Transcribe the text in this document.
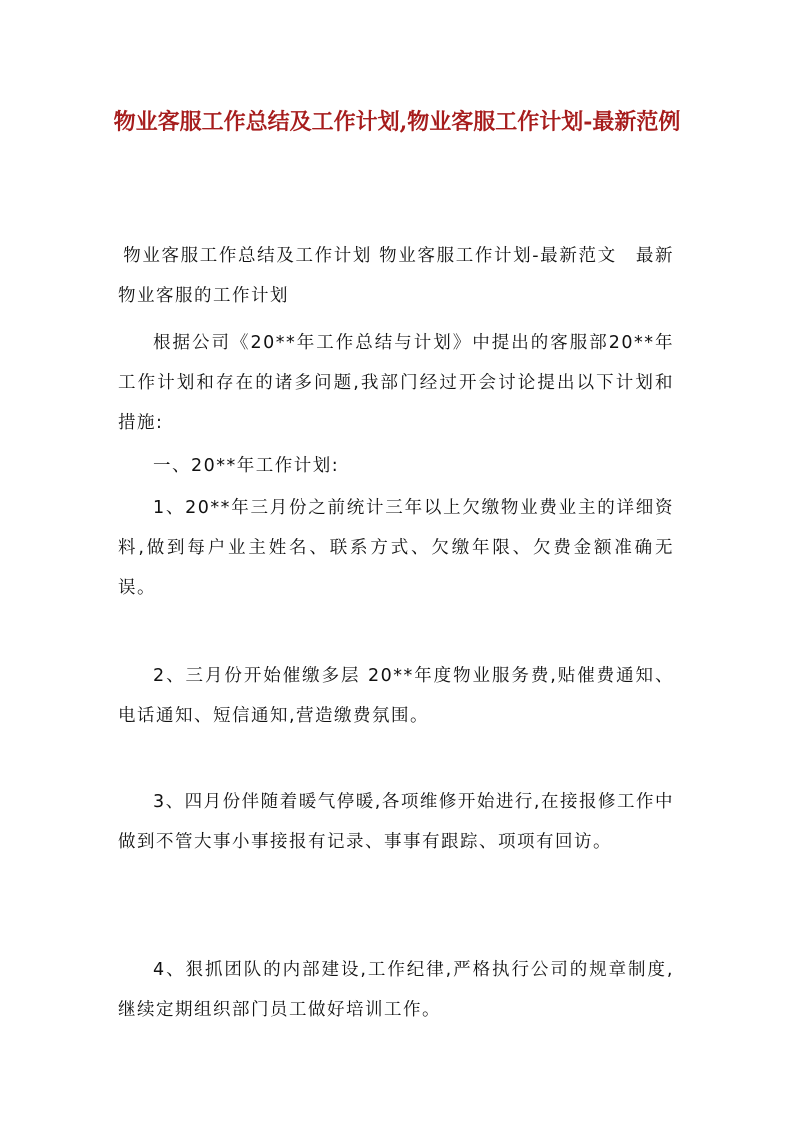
物业客服工作总结及工作计划,物业客服工作计划-最新范例

物业客服工作总结及工作计划 物业客服工作计划-最新范文　最新物业客服的工作计划

根据公司《20**年工作总结与计划》中提出的客服部20**年工作计划和存在的诸多问题,我部门经过开会讨论提出以下计划和措施:

一、20**年工作计划:

1、20**年三月份之前统计三年以上欠缴物业费业主的详细资料,做到每户业主姓名、联系方式、欠缴年限、欠费金额准确无误。

2、三月份开始催缴多层 20**年度物业服务费,贴催费通知、电话通知、短信通知,营造缴费氛围。

3、四月份伴随着暖气停暖,各项维修开始进行,在接报修工作中做到不管大事小事接报有记录、事事有跟踪、项项有回访。

4、狠抓团队的内部建设,工作纪律,严格执行公司的规章制度,继续定期组织部门员工做好培训工作。
